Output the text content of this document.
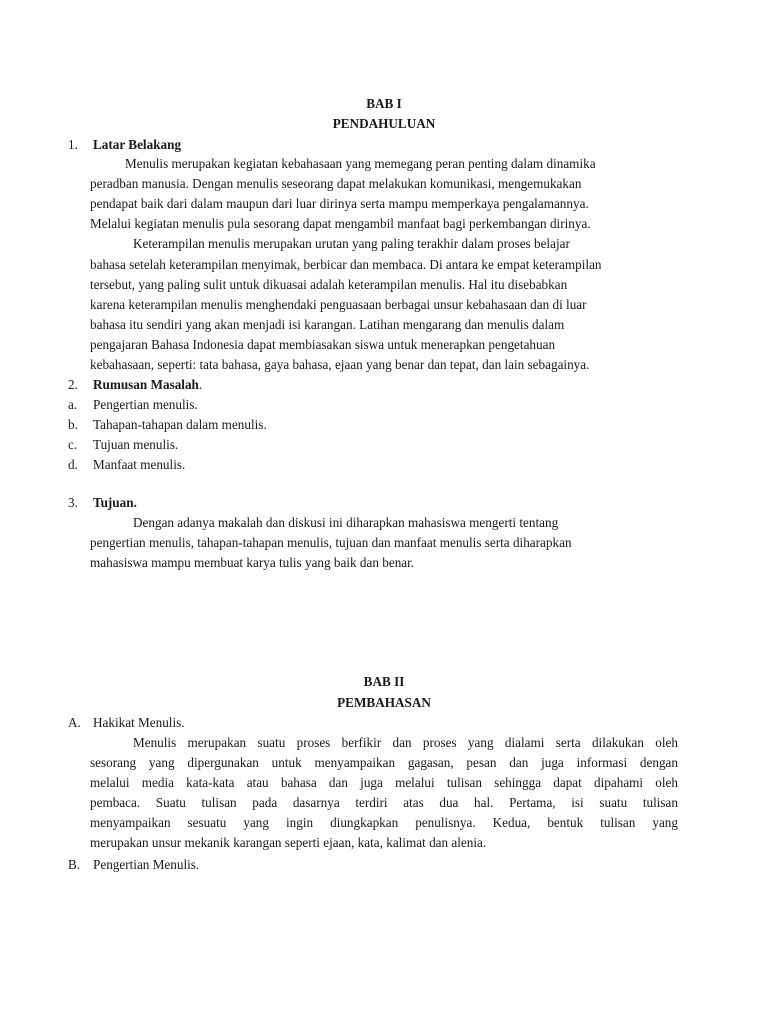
BAB I
PENDAHULUAN
1. Latar Belakang
Menulis merupakan kegiatan kebahasaan yang memegang peran penting dalam dinamika
peradban manusia. Dengan menulis seseorang dapat melakukan komunikasi, mengemukakan
pendapat baik dari dalam maupun dari luar dirinya serta mampu memperkaya pengalamannya.
Melalui kegiatan menulis pula sesorang dapat mengambil manfaat bagi perkembangan dirinya.
Keterampilan menulis merupakan urutan yang paling terakhir dalam proses belajar
bahasa setelah keterampilan menyimak, berbicar dan membaca. Di antara ke empat keterampilan
tersebut, yang paling sulit untuk dikuasai adalah keterampilan menulis. Hal itu disebabkan
karena keterampilan menulis menghendaki penguasaan berbagai unsur kebahasaan dan di luar
bahasa itu sendiri yang akan menjadi isi karangan. Latihan mengarang dan menulis dalam
pengajaran Bahasa Indonesia dapat membiasakan siswa untuk menerapkan pengetahuan
kebahasaan, seperti: tata bahasa, gaya bahasa, ejaan yang benar dan tepat, dan lain sebagainya.
2. Rumusan Masalah.
a. Pengertian menulis.
b. Tahapan-tahapan dalam menulis.
c. Tujuan menulis.
d. Manfaat menulis.
3. Tujuan.
Dengan adanya makalah dan diskusi ini diharapkan mahasiswa mengerti tentang
pengertian menulis, tahapan-tahapan menulis, tujuan dan manfaat menulis serta diharapkan
mahasiswa mampu membuat karya tulis yang baik dan benar.
BAB II
PEMBAHASAN
A. Hakikat Menulis.
Menulis merupakan suatu proses berfikir dan proses yang dialami serta dilakukan oleh
sesorang yang dipergunakan untuk menyampaikan gagasan, pesan dan juga informasi dengan
melalui media kata-kata atau bahasa dan juga melalui tulisan sehingga dapat dipahami oleh
pembaca. Suatu tulisan pada dasarnya terdiri atas dua hal. Pertama, isi suatu tulisan
menyampaikan sesuatu yang ingin diungkapkan penulisnya. Kedua, bentuk tulisan yang
merupakan unsur mekanik karangan seperti ejaan, kata, kalimat dan alenia.
B. Pengertian Menulis.
